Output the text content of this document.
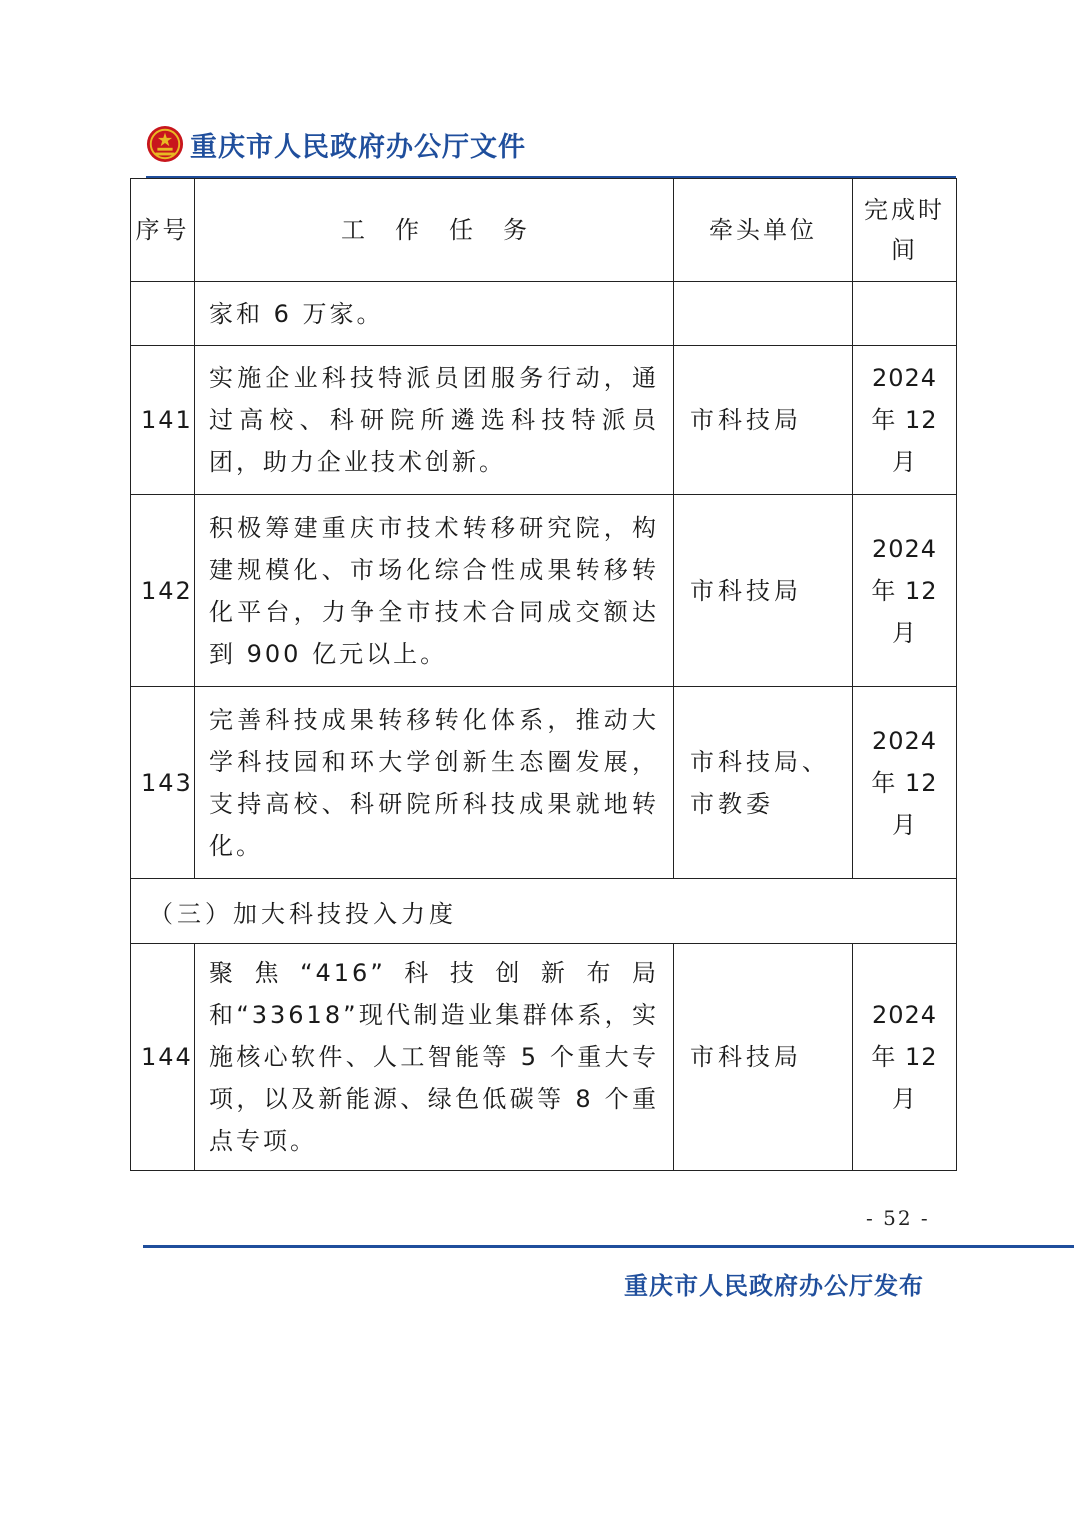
重庆市人民政府办公厅文件
序号	工作任务	牵头单位	完成时间
	家和 6 万家。		
141	实施企业科技特派员团服务行动，通过高校、科研院所遴选科技特派员团，助力企业技术创新。	市科技局	2024 年 12 月
142	积极筹建重庆市技术转移研究院，构建规模化、市场化综合性成果转移转化平台，力争全市技术合同成交额达到 900 亿元以上。	市科技局	2024 年 12 月
143	完善科技成果转移转化体系，推动大学科技园和环大学创新生态圈发展，支持高校、科研院所科技成果就地转化。	市科技局、市教委	2024 年 12 月
（三）加大科技投入力度			
144	聚焦“416”科技创新布局和“33618”现代制造业集群体系，实施核心软件、人工智能等 5 个重大专项，以及新能源、绿色低碳等 8 个重点专项。	市科技局	2024 年 12 月
- 52 -
重庆市人民政府办公厅发布
